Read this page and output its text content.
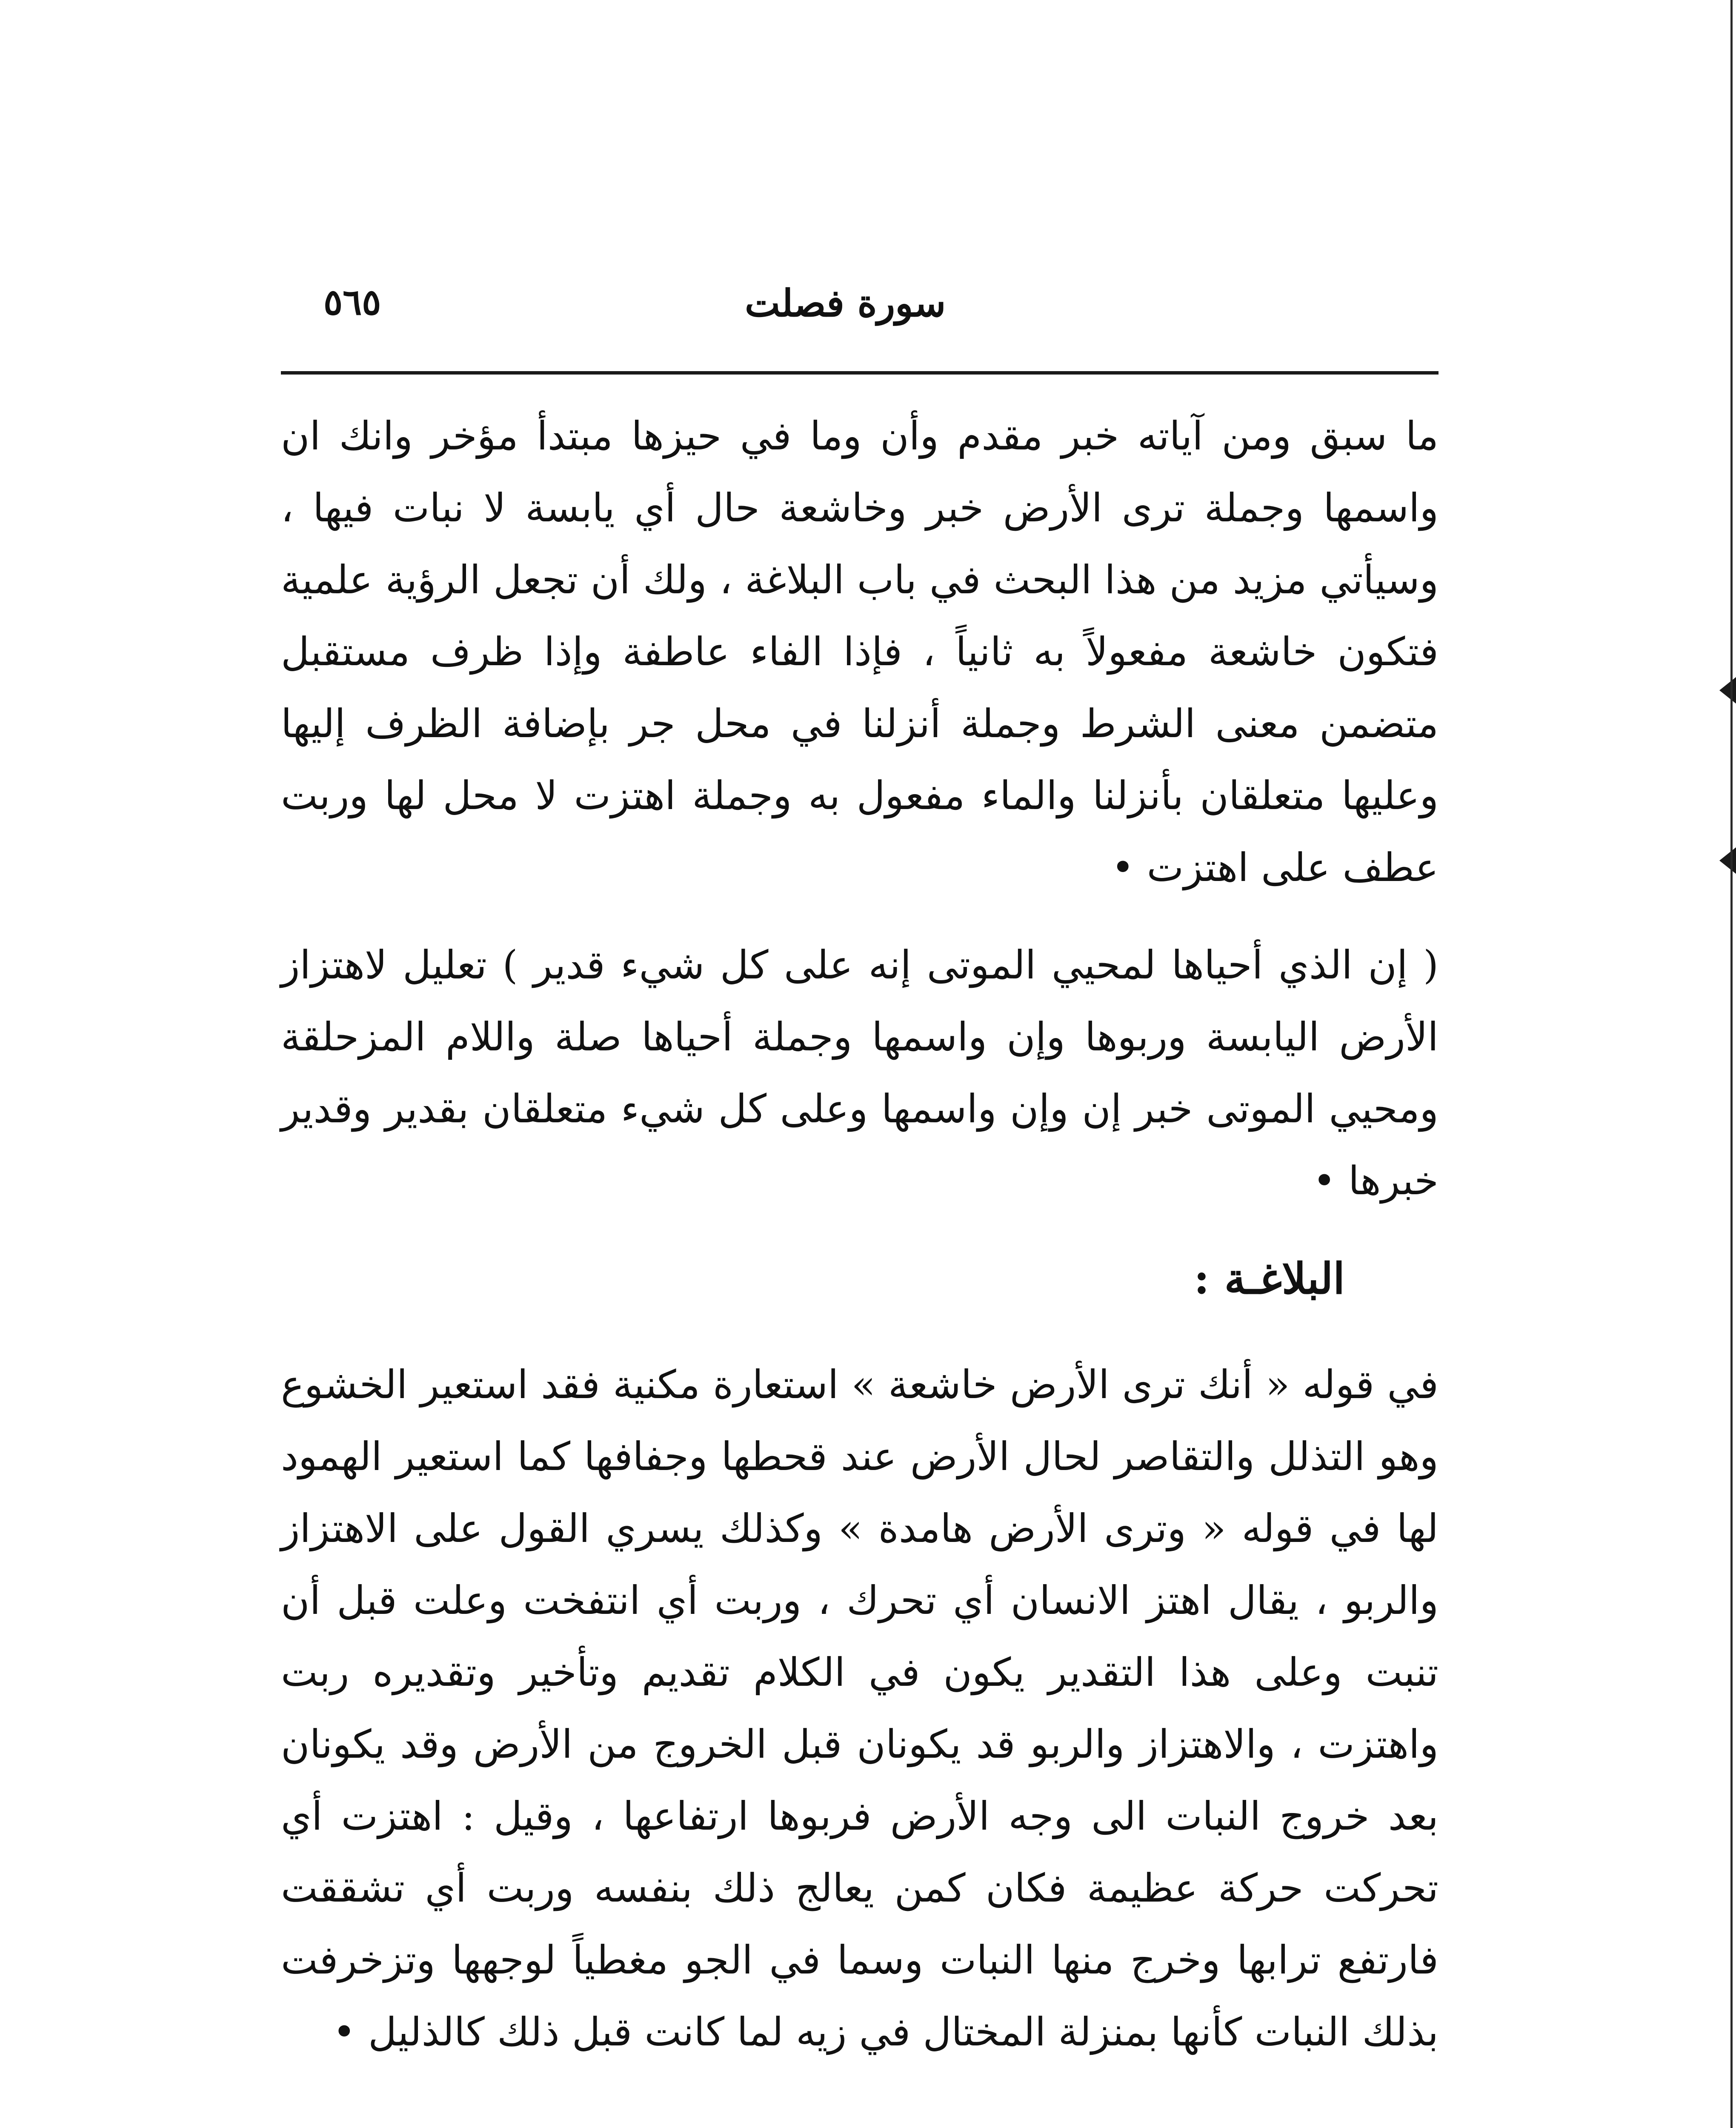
٥٦٥	سورة فصلت

ما سبق ومن آياته خبر مقدم وأن وما في حيزها مبتدأ مؤخر وانك ان واسمها وجملة ترى الأرض خبر وخاشعة حال أي يابسة لا نبات فيها ، وسيأتي مزيد من هذا البحث في باب البلاغة ، ولك أن تجعل الرؤية علمية فتكون خاشعة مفعولاً به ثانياً ، فإذا الفاء عاطفة وإذا ظرف مستقبل متضمن معنى الشرط وجملة أنزلنا في محل جر بإضافة الظرف إليها وعليها متعلقان بأنزلنا والماء مفعول به وجملة اهتزت لا محل لها وربت عطف على اهتزت •

( إن الذي أحياها لمحيي الموتى إنه على كل شيء قدير ) تعليل لاهتزاز الأرض اليابسة وربوها وإن واسمها وجملة أحياها صلة واللام المزحلقة ومحيي الموتى خبر إن وإن واسمها وعلى كل شيء متعلقان بقدير وقدير خبرها •

البلاغـة :

في قوله « أنك ترى الأرض خاشعة » استعارة مكنية فقد استعير الخشوع وهو التذلل والتقاصر لحال الأرض عند قحطها وجفافها كما استعير الهمود لها في قوله « وترى الأرض هامدة » وكذلك يسري القول على الاهتزاز والربو ، يقال اهتز الانسان أي تحرك ، وربت أي انتفخت وعلت قبل أن تنبت وعلى هذا التقدير يكون في الكلام تقديم وتأخير وتقديره ربت واهتزت ، والاهتزاز والربو قد يكونان قبل الخروج من الأرض وقد يكونان بعد خروج النبات الى وجه الأرض فربوها ارتفاعها ، وقيل : اهتزت أي تحركت حركة عظيمة فكان كمن يعالج ذلك بنفسه وربت أي تشققت فارتفع ترابها وخرج منها النبات وسما في الجو مغطياً لوجهها وتزخرفت بذلك النبات كأنها بمنزلة المختال في زيه لما كانت قبل ذلك كالذليل •
